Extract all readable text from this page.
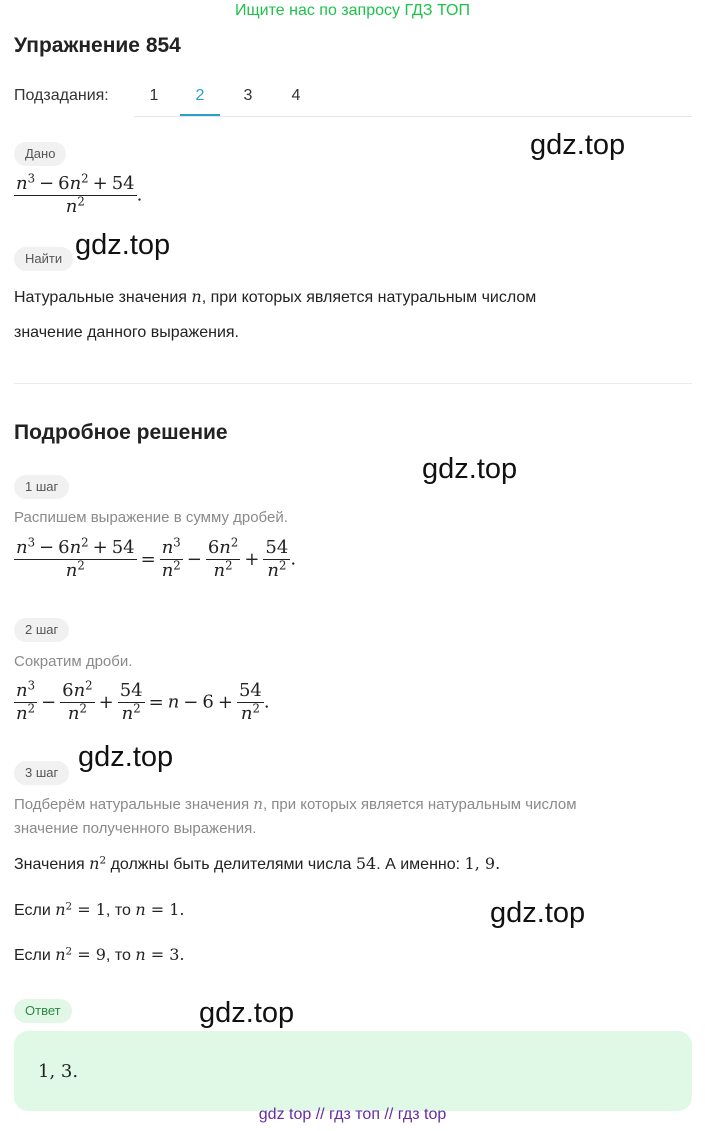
Ищите нас по запросу ГДЗ ТОП
Упражнение 854
Подзадания:	1	2	3	4
Дано
$\frac{n^3 - 6n^2 + 54}{n^2}$ .
Найти
Натуральные значения n, при которых является натуральным числом
значение данного выражения.
Подробное решение
1 шаг
Распишем выражение в сумму дробей.
$\frac{n^3 - 6n^2 + 54}{n^2} = \frac{n^3}{n^2} - \frac{6n^2}{n^2} + \frac{54}{n^2}$ .
2 шаг
Сократим дроби.
$\frac{n^3}{n^2} - \frac{6n^2}{n^2} + \frac{54}{n^2} = n - 6 + \frac{54}{n^2}$ .
3 шаг
Подберём натуральные значения n, при которых является натуральным числом
значение полученного выражения.
Значения $n^2$ должны быть делителями числа 54. А именно: 1, 9.
Если $n^2 = 1$, то n = 1.
Если $n^2 = 9$, то n = 3.
Ответ
1, 3.
gdz.top
gdz.top
gdz.top
gdz.top
gdz.top
gdz.top
gdz top // гдз топ // гдз top
